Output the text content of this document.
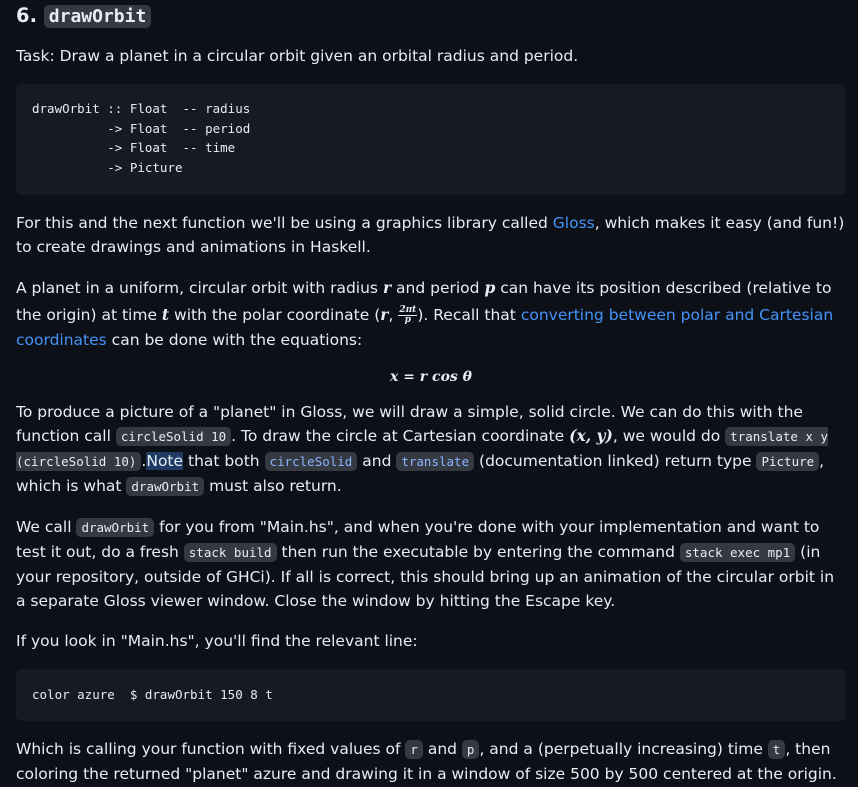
6. drawOrbit

Task: Draw a planet in a circular orbit given an orbital radius and period.

drawOrbit :: Float  -- radius
-> Float  -- period
-> Float  -- time
-> Picture

For this and the next function we'll be using a graphics library called Gloss, which makes it easy (and fun!) to create drawings and animations in Haskell.

A planet in a uniform, circular orbit with radius r and period p can have its position described (relative to the origin) at time t with the polar coordinate (r, $\frac{2\pi t}{p}$ ). Recall that converting between polar and Cartesian coordinates can be done with the equations:

x = r cos θ

To produce a picture of a "planet" in Gloss, we will draw a simple, solid circle. We can do this with the function call circleSolid 10 . To draw the circle at Cartesian coordinate (x, y), we would do translate x y (circleSolid 10) .Note that both circleSolid and translate (documentation linked) return type Picture , which is what drawOrbit must also return.

We call drawOrbit for you from "Main.hs", and when you're done with your implementation and want to test it out, do a fresh stack build then run the executable by entering the command stack exec mp1 (in your repository, outside of GHCi). If all is correct, this should bring up an animation of the circular orbit in a separate Gloss viewer window. Close the window by hitting the Escape key.

If you look in "Main.hs", you'll find the relevant line:

color azure  $ drawOrbit 150 8 t

Which is calling your function with fixed values of r and p , and a (perpetually increasing) time t , then coloring the returned "planet" azure and drawing it in a window of size 500 by 500 centered at the origin.
